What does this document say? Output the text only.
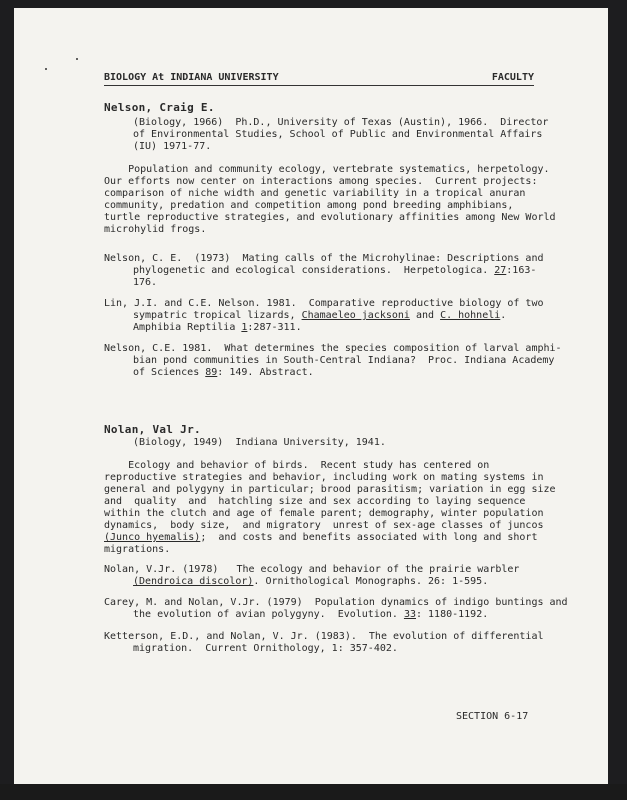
BIOLOGY At INDIANA UNIVERSITY	FACULTY
Nelson, Craig E.
(Biology, 1966)  Ph.D., University of Texas (Austin), 1966.  Director
of Environmental Studies, School of Public and Environmental Affairs
(IU) 1971-77.
Population and community ecology, vertebrate systematics, herpetology.
Our efforts now center on interactions among species.  Current projects:
comparison of niche width and genetic variability in a tropical anuran
community, predation and competition among pond breeding amphibians,
turtle reproductive strategies, and evolutionary affinities among New World
microhylid frogs.
Nelson, C. E.  (1973)  Mating calls of the Microhylinae: Descriptions and
phylogenetic and ecological considerations.  Herpetologica. 27:163-
176.
Lin, J.I. and C.E. Nelson. 1981.  Comparative reproductive biology of two
sympatric tropical lizards, Chamaeleo jacksoni and C. hohneli.
Amphibia Reptilia 1:287-311.
Nelson, C.E. 1981.  What determines the species composition of larval amphi-
bian pond communities in South-Central Indiana?  Proc. Indiana Academy
of Sciences 89: 149. Abstract.
Nolan, Val Jr.
(Biology, 1949)  Indiana University, 1941.
Ecology and behavior of birds.  Recent study has centered on
reproductive strategies and behavior, including work on mating systems in
general and polygyny in particular; brood parasitism; variation in egg size
and  quality  and  hatchling size and sex according to laying sequence
within the clutch and age of female parent; demography, winter population
dynamics,  body size,  and migratory  unrest of sex-age classes of juncos
(Junco hyemalis);  and costs and benefits associated with long and short
migrations.
Nolan, V.Jr. (1978)   The ecology and behavior of the prairie warbler
(Dendroica discolor). Ornithological Monographs. 26: 1-595.
Carey, M. and Nolan, V.Jr. (1979)  Population dynamics of indigo buntings and
the evolution of avian polygyny.  Evolution. 33: 1180-1192.
Ketterson, E.D., and Nolan, V. Jr. (1983).  The evolution of differential
migration.  Current Ornithology, 1: 357-402.
SECTION 6-17
